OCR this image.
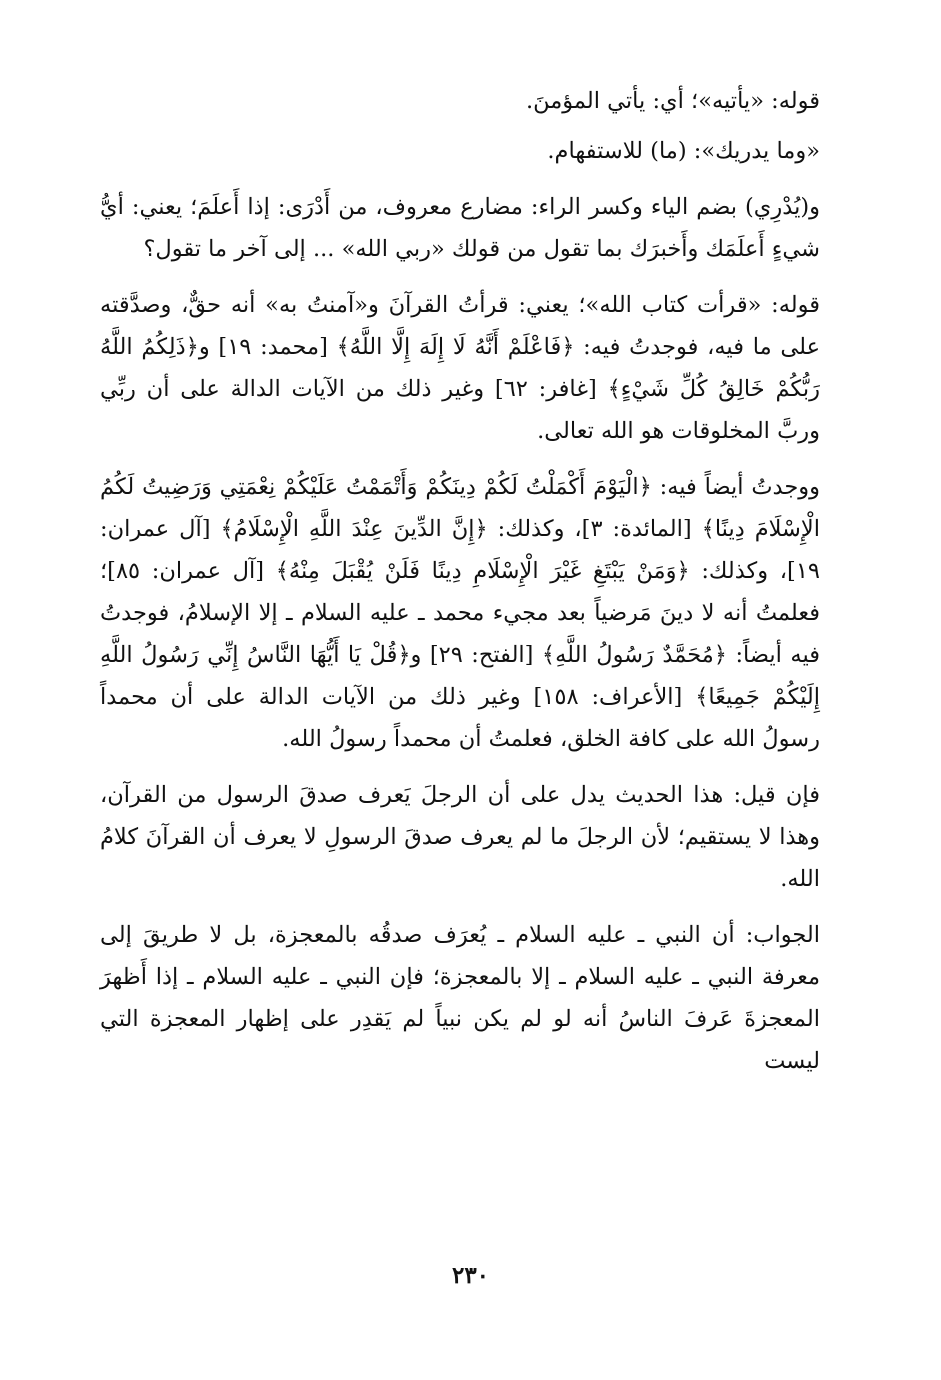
قوله: «يأتيه»؛ أي: يأتي المؤمنَ.

«وما يدريك»: (ما) للاستفهام.

و(يُدْرِي) بضم الياء وكسر الراء: مضارع معروف، من أَدْرَى: إذا أَعلَمَ؛ يعني: أيُّ شيءٍ أَعلَمَك وأَخبرَك بما تقول من قولك «ربي الله» ... إلى آخر ما تقول؟

قوله: «قرأت كتاب الله»؛ يعني: قرأتُ القرآنَ و«آمنتُ به» أنه حقٌّ، وصدَّقته على ما فيه، فوجدتُ فيه: ﴿فَاعْلَمْ أَنَّهُ لَا إِلَهَ إِلَّا اللَّهُ﴾ [محمد: ١٩] و﴿ذَلِكُمُ اللَّهُ رَبُّكُمْ خَالِقُ كُلِّ شَيْءٍ﴾ [غافر: ٦٢] وغير ذلك من الآيات الدالة على أن ربِّي وربَّ المخلوقات هو الله تعالى.

ووجدتُ أيضاً فيه: ﴿الْيَوْمَ أَكْمَلْتُ لَكُمْ دِينَكُمْ وَأَتْمَمْتُ عَلَيْكُمْ نِعْمَتِي وَرَضِيتُ لَكُمُ الْإِسْلَامَ دِينًا﴾ [المائدة: ٣]، وكذلك: ﴿إِنَّ الدِّينَ عِنْدَ اللَّهِ الْإِسْلَامُ﴾ [آل عمران: ١٩]، وكذلك: ﴿وَمَنْ يَبْتَغِ غَيْرَ الْإِسْلَامِ دِينًا فَلَنْ يُقْبَلَ مِنْهُ﴾ [آل عمران: ٨٥]؛ فعلمتُ أنه لا دينَ مَرضياً بعد مجيء محمد ـ عليه السلام ـ إلا الإسلامُ، فوجدتُ فيه أيضاً: ﴿مُحَمَّدٌ رَسُولُ اللَّهِ﴾ [الفتح: ٢٩] و﴿قُلْ يَا أَيُّهَا النَّاسُ إِنِّي رَسُولُ اللَّهِ إِلَيْكُمْ جَمِيعًا﴾ [الأعراف: ١٥٨] وغير ذلك من الآيات الدالة على أن محمداً رسولُ الله على كافة الخلق، فعلمتُ أن محمداً رسولُ الله.

فإن قيل: هذا الحديث يدل على أن الرجلَ يَعرف صدقَ الرسول من القرآن، وهذا لا يستقيم؛ لأن الرجلَ ما لم يعرف صدقَ الرسولِ لا يعرف أن القرآنَ كلامُ الله.

الجواب: أن النبي ـ عليه السلام ـ يُعرَف صدقُه بالمعجزة، بل لا طريقَ إلى معرفة النبي ـ عليه السلام ـ إلا بالمعجزة؛ فإن النبي ـ عليه السلام ـ إذا أَظهرَ المعجزةَ عَرفَ الناسُ أنه لو لم يكن نبياً لم يَقدِر على إظهار المعجزة التي ليست

٢٣٠
